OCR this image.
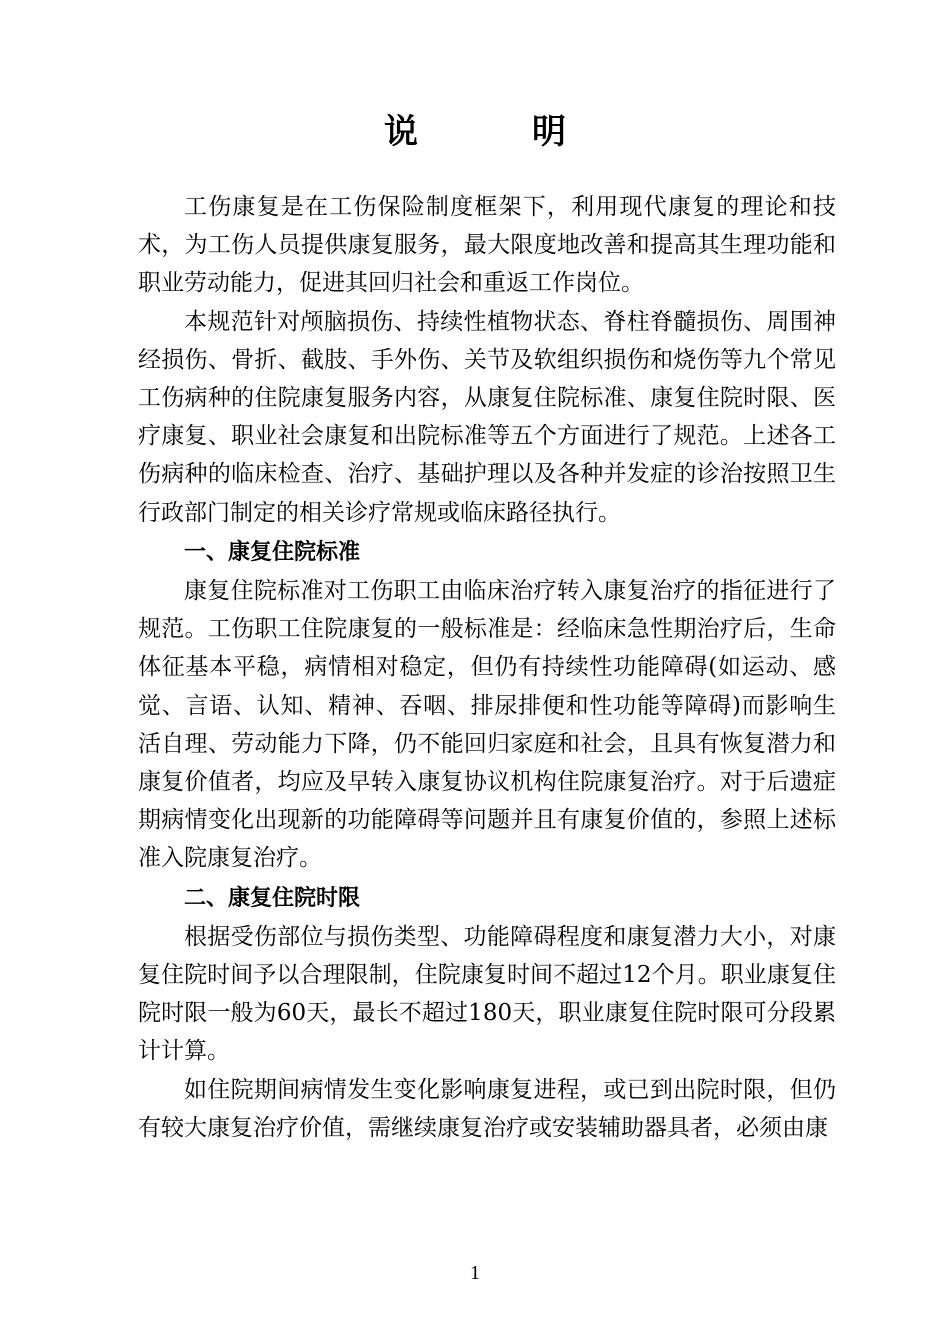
说　明

工伤康复是在工伤保险制度框架下，利用现代康复的理论和技术，为工伤人员提供康复服务，最大限度地改善和提高其生理功能和职业劳动能力，促进其回归社会和重返工作岗位。

本规范针对颅脑损伤、持续性植物状态、脊柱脊髓损伤、周围神经损伤、骨折、截肢、手外伤、关节及软组织损伤和烧伤等九个常见工伤病种的住院康复服务内容，从康复住院标准、康复住院时限、医疗康复、职业社会康复和出院标准等五个方面进行了规范。上述各工伤病种的临床检查、治疗、基础护理以及各种并发症的诊治按照卫生行政部门制定的相关诊疗常规或临床路径执行。

一、康复住院标准

康复住院标准对工伤职工由临床治疗转入康复治疗的指征进行了规范。工伤职工住院康复的一般标准是：经临床急性期治疗后，生命体征基本平稳，病情相对稳定，但仍有持续性功能障碍(如运动、感觉、言语、认知、精神、吞咽、排尿排便和性功能等障碍)而影响生活自理、劳动能力下降，仍不能回归家庭和社会，且具有恢复潜力和康复价值者，均应及早转入康复协议机构住院康复治疗。对于后遗症期病情变化出现新的功能障碍等问题并且有康复价值的，参照上述标准入院康复治疗。

二、康复住院时限

根据受伤部位与损伤类型、功能障碍程度和康复潜力大小，对康复住院时间予以合理限制，住院康复时间不超过12个月。职业康复住院时限一般为60天，最长不超过180天，职业康复住院时限可分段累计计算。

如住院期间病情发生变化影响康复进程，或已到出院时限，但仍有较大康复治疗价值，需继续康复治疗或安装辅助器具者，必须由康

1
